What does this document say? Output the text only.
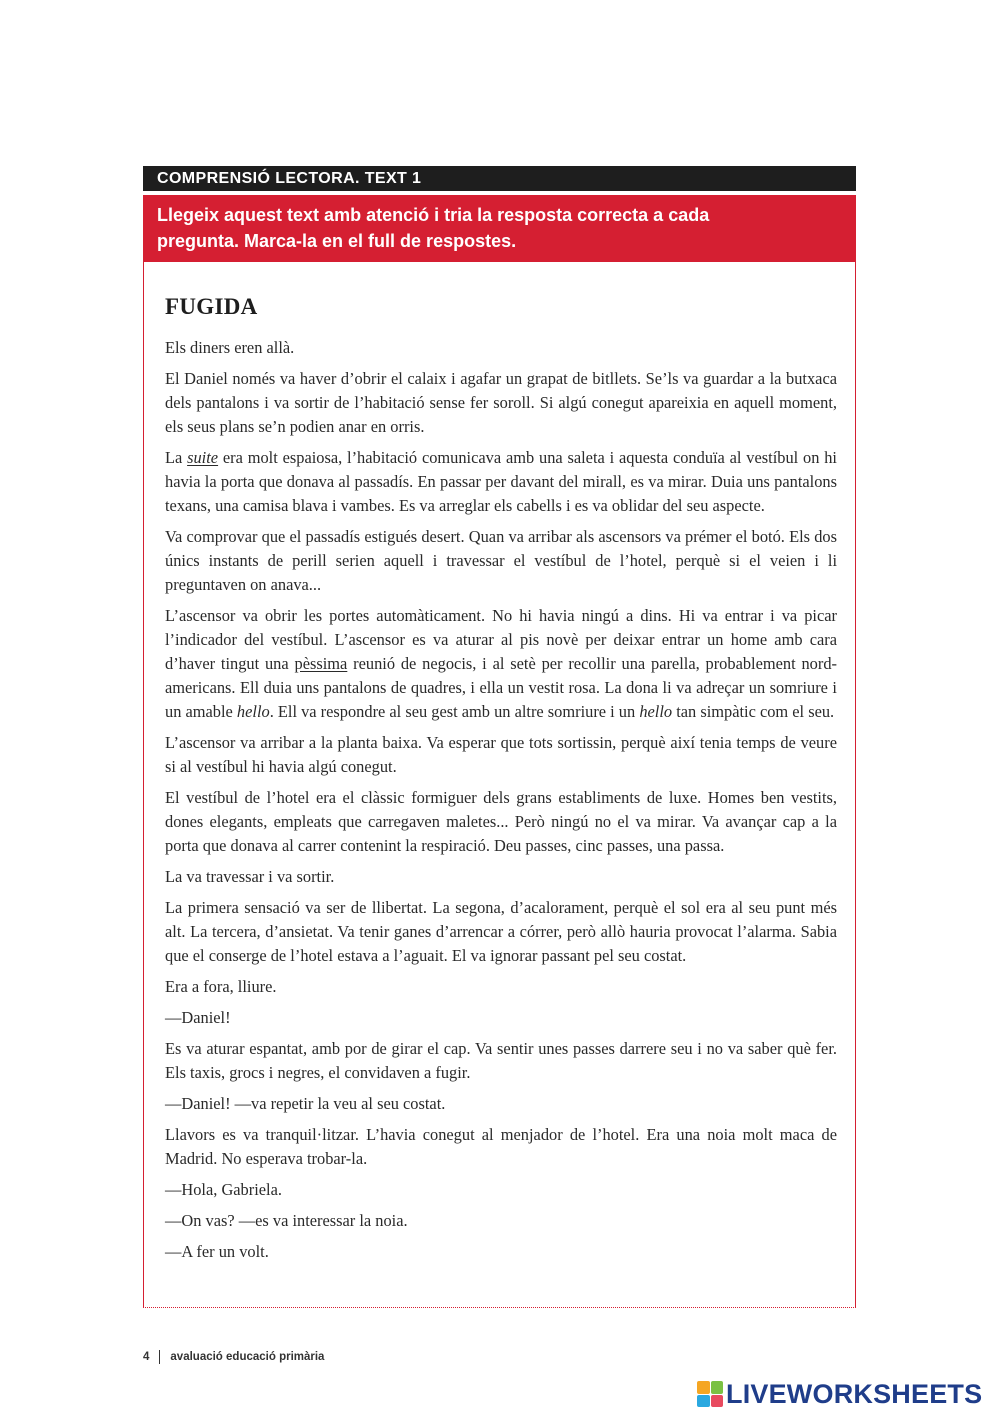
COMPRENSIÓ LECTORA. TEXT 1
Llegeix aquest text amb atenció i tria la resposta correcta a cada
pregunta. Marca-la en el full de respostes.
FUGIDA

Els diners eren allà.

El Daniel només va haver d’obrir el calaix i agafar un grapat de bitllets. Se’ls va guardar a la butxaca dels pantalons i va sortir de l’habitació sense fer soroll. Si algú conegut apareixia en aquell moment, els seus plans se’n podien anar en orris.

La suite era molt espaiosa, l’habitació comunicava amb una saleta i aquesta conduïa al vestíbul on hi havia la porta que donava al passadís. En passar per davant del mirall, es va mirar. Duia uns pantalons texans, una camisa blava i vambes. Es va arreglar els cabells i es va oblidar del seu aspecte.

Va comprovar que el passadís estigués desert. Quan va arribar als ascensors va prémer el botó. Els dos únics instants de perill serien aquell i travessar el vestíbul de l’hotel, perquè si el veien i li preguntaven on anava...

L’ascensor va obrir les portes automàticament. No hi havia ningú a dins. Hi va entrar i va picar l’indicador del vestíbul. L’ascensor es va aturar al pis novè per deixar entrar un home amb cara d’haver tingut una pèssima reunió de negocis, i al setè per recollir una parella, probablement nord-americans. Ell duia uns pantalons de quadres, i ella un vestit rosa. La dona li va adreçar un somriure i un amable hello. Ell va respondre al seu gest amb un altre somriure i un hello tan simpàtic com el seu.

L’ascensor va arribar a la planta baixa. Va esperar que tots sortissin, perquè així tenia temps de veure si al vestíbul hi havia algú conegut.

El vestíbul de l’hotel era el clàssic formiguer dels grans establiments de luxe. Homes ben vestits, dones elegants, empleats que carregaven maletes... Però ningú no el va mirar. Va avançar cap a la porta que donava al carrer contenint la respiració. Deu passes, cinc passes, una passa.

La va travessar i va sortir.

La primera sensació va ser de llibertat. La segona, d’acalorament, perquè el sol era al seu punt més alt. La tercera, d’ansietat. Va tenir ganes d’arrencar a córrer, però allò hauria provocat l’alarma. Sabia que el conserge de l’hotel estava a l’aguait. El va ignorar passant pel seu costat.

Era a fora, lliure.

—Daniel!

Es va aturar espantat, amb por de girar el cap. Va sentir unes passes darrere seu i no va saber què fer. Els taxis, grocs i negres, el convidaven a fugir.

—Daniel! —va repetir la veu al seu costat.

Llavors es va tranquil·litzar. L’havia conegut al menjador de l’hotel. Era una noia molt maca de Madrid. No esperava trobar-la.

—Hola, Gabriela.

—On vas? —es va interessar la noia.

—A fer un volt.

4 avaluació educació primària
LIVEWORKSHEETS
